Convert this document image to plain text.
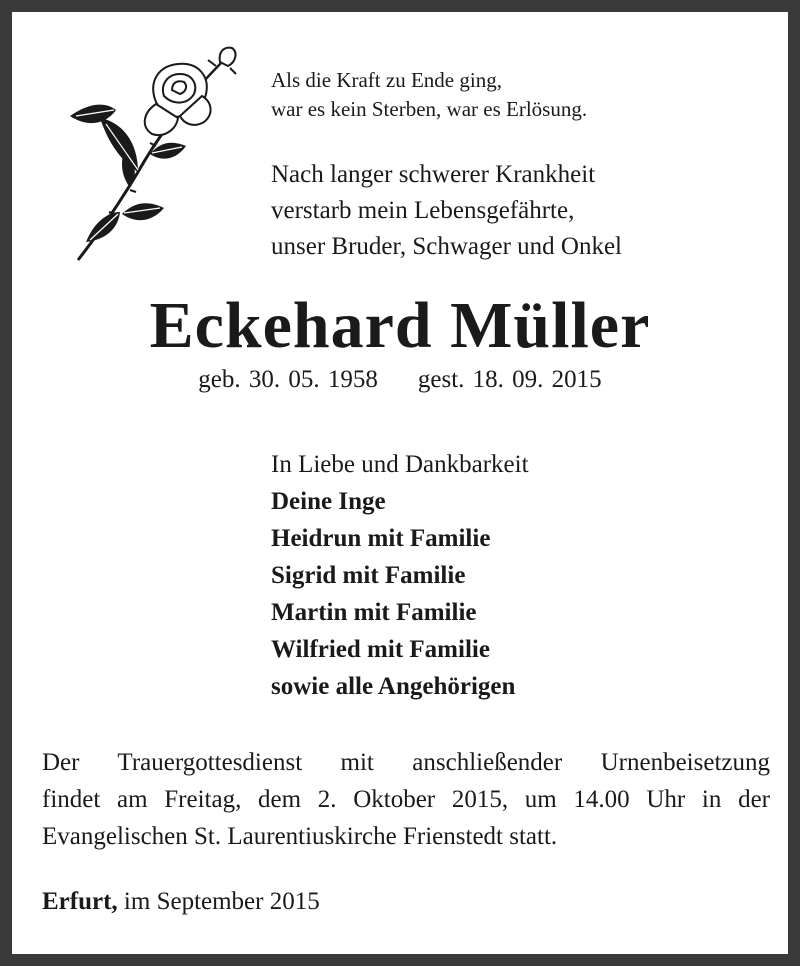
Als die Kraft zu Ende ging,
war es kein Sterben, war es Erlösung.
Nach langer schwerer Krankheit
verstarb mein Lebensgefährte,
unser Bruder, Schwager und Onkel
Eckehard Müller
geb. 30. 05. 1958 gest. 18. 09. 2015
In Liebe und Dankbarkeit
Deine Inge
Heidrun mit Familie
Sigrid mit Familie
Martin mit Familie
Wilfried mit Familie
sowie alle Angehörigen
Der Trauergottesdienst mit anschließender Urnenbeisetzung
findet am Freitag, dem 2. Oktober 2015, um 14.00 Uhr in der
Evangelischen St. Laurentiuskirche Frienstedt statt.
Erfurt, im September 2015
